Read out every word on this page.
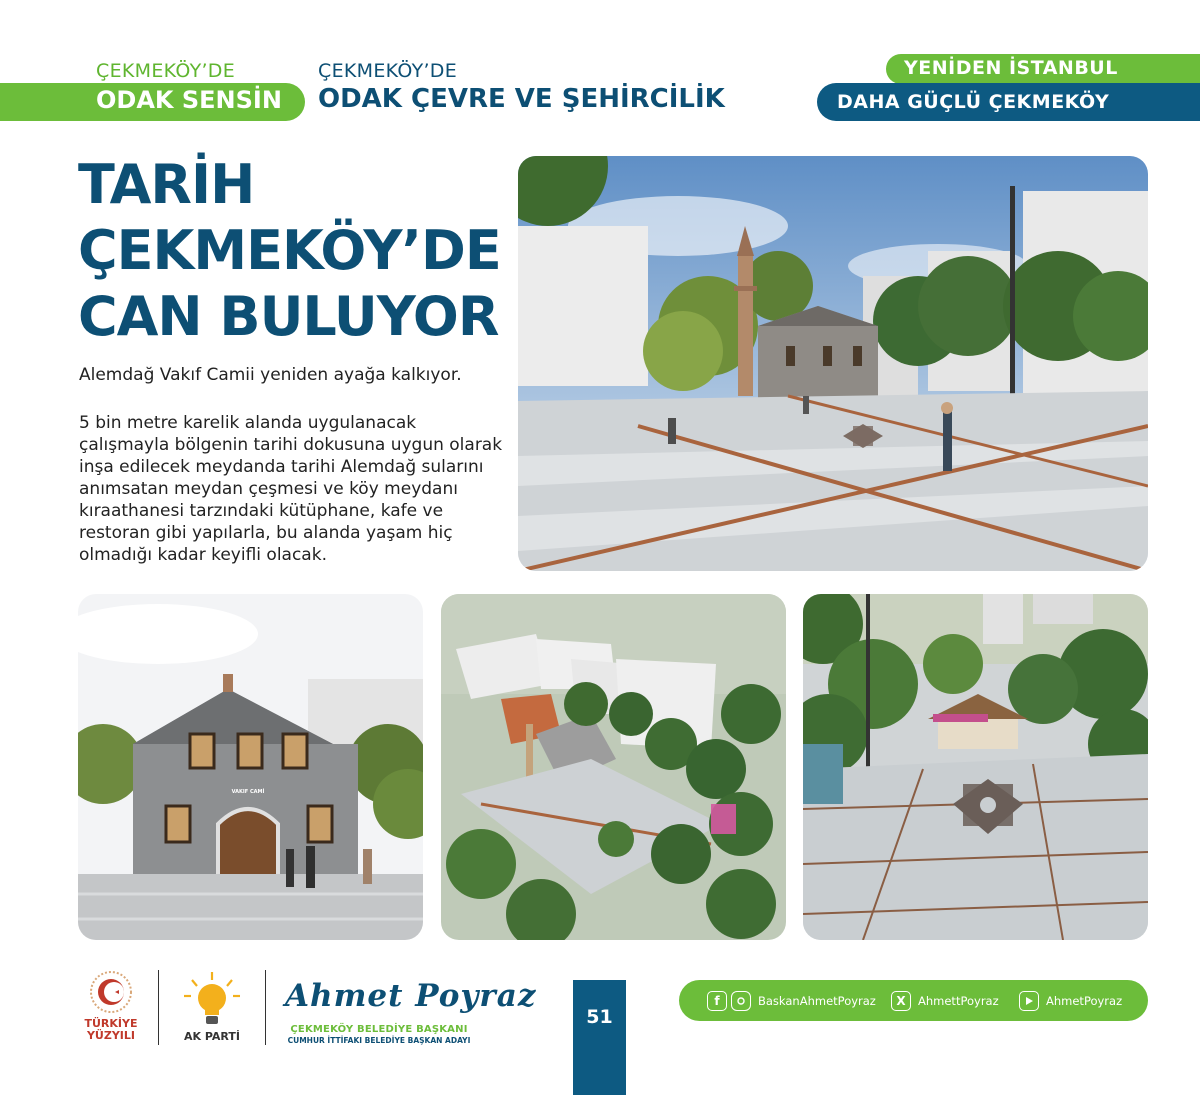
ÇEKMEKÖY’DE
ODAK SENSİN
ÇEKMEKÖY’DE
ODAK ÇEVRE VE ŞEHİRCİLİK
YENİDEN İSTANBUL
DAHA GÜÇLÜ ÇEKMEKÖY
TARİH
ÇEKMEKÖY’DE
CAN BULUYOR

Alemdağ Vakıf Camii yeniden ayağa kalkıyor.

5 bin metre karelik alanda uygulanacak çalışmayla bölgenin tarihi dokusuna uygun olarak inşa edilecek meydanda tarihi Alemdağ sularını anımsatan meydan çeşmesi ve köy meydanı kıraathanesi tarzındaki kütüphane, kafe ve restoran gibi yapılarla, bu alanda yaşam hiç olmadığı kadar keyifli olacak.

VAKIF CAMİ
TÜRKİYE
YÜZYILI	AK PARTİ
Ahmet Poyraz
ÇEKMEKÖY BELEDİYE BAŞKANI
CUMHUR İTTİFAKI BELEDİYE BAŞKAN ADAYI
51
f	BaskanAhmetPoyraz	X	AhmettPoyraz	AhmetPoyraz
